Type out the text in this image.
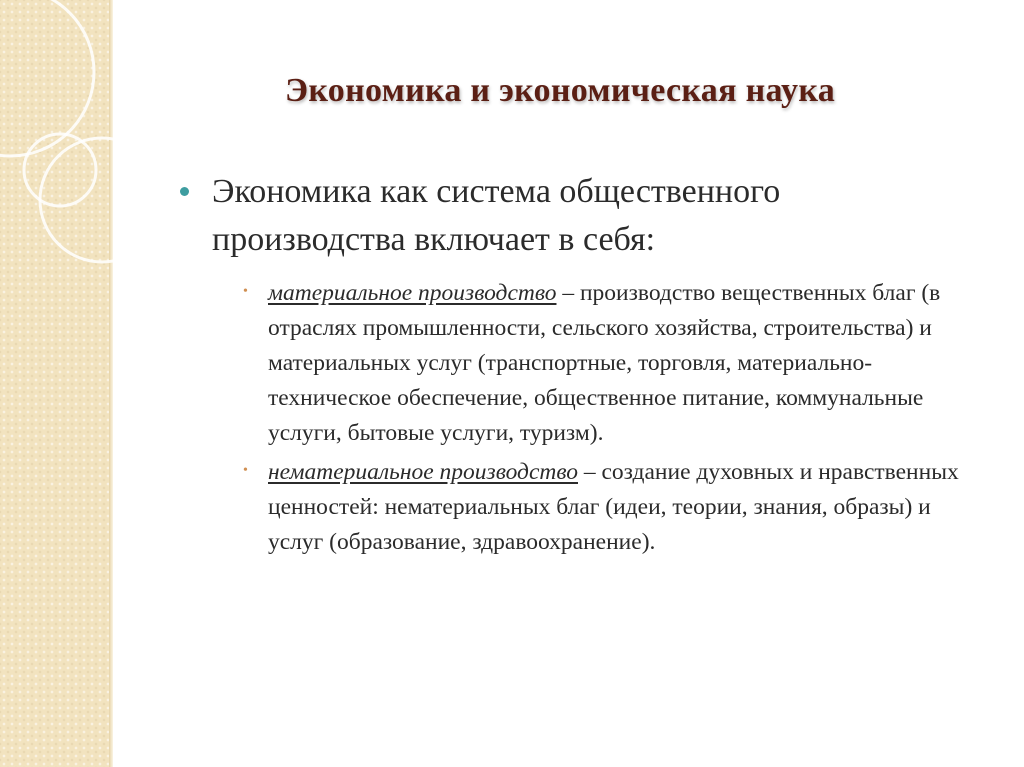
Экономика и экономическая наука
Экономика как система общественного
производства включает в себя:
• материальное производство – производство вещественных благ (в отраслях промышленности, сельского хозяйства, строительства) и материальных услуг (транспортные, торговля, материально-техническое обеспечение, общественное питание, коммунальные услуги, бытовые услуги, туризм).
• нематериальное производство – создание духовных и нравственных ценностей: нематериальных благ (идеи, теории, знания, образы) и услуг (образование, здравоохранение).
